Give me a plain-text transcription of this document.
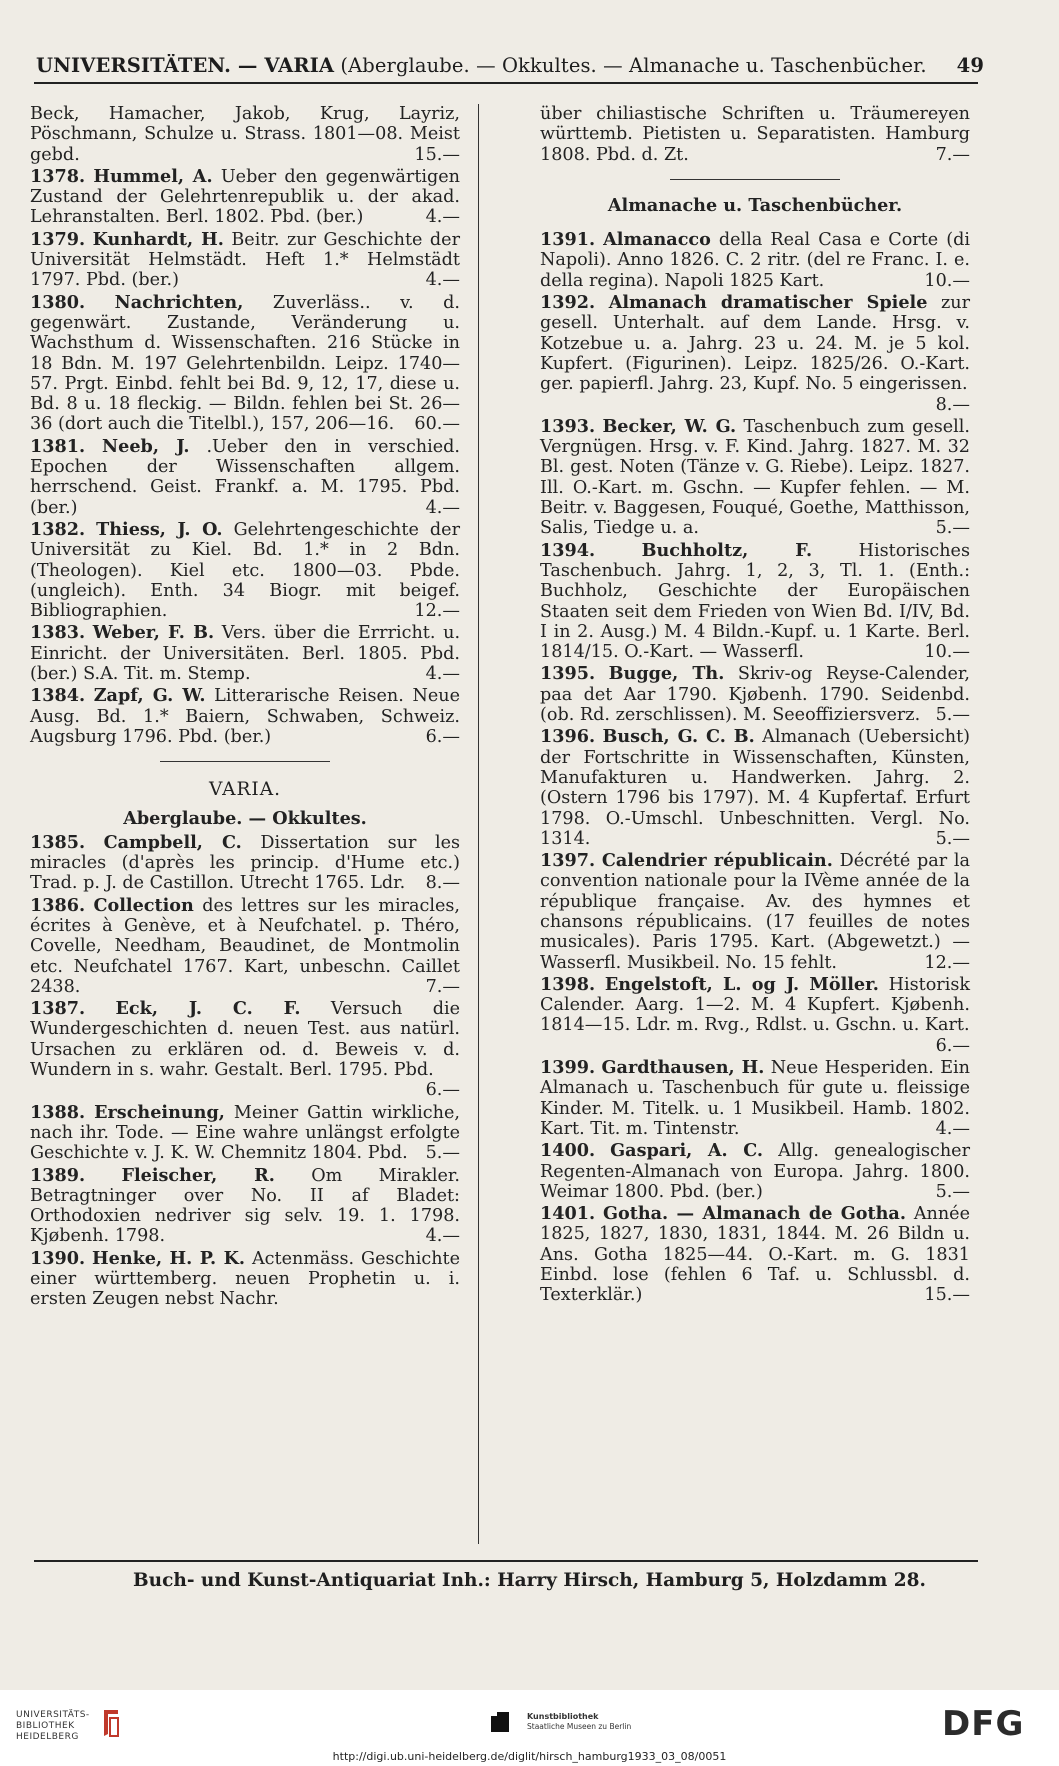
UNIVERSITÄTEN. — VARIA (Aberglaube. — Okkultes. — Almanache u. Taschenbücher. 49
Beck, Hamacher, Jakob, Krug, Layriz, Pöschmann, Schulze u. Strass. 1801—08. Meist gebd.	15.—
1378. Hummel, A. Ueber den gegenwärtigen Zustand der Gelehrtenrepublik u. der akad. Lehranstalten. Berl. 1802. Pbd. (ber.)	4.—
1379. Kunhardt, H. Beitr. zur Geschichte der Universität Helmstädt. Heft 1.* Helmstädt 1797. Pbd. (ber.)	4.—
1380. Nachrichten, Zuverläss.. v. d. gegenwärt. Zustande, Veränderung u. Wachsthum d. Wissenschaften. 216 Stücke in 18 Bdn. M. 197 Gelehrtenbildn. Leipz. 1740—57. Prgt. Einbd. fehlt bei Bd. 9, 12, 17, diese u. Bd. 8 u. 18 fleckig. — Bildn. fehlen bei St. 26—36 (dort auch die Titelbl.), 157, 206—16. 60.—
1381. Neeb, J. .Ueber den in verschied. Epochen der Wissenschaften allgem. herrschend. Geist. Frankf. a. M. 1795. Pbd. (ber.)	4.—
1382. Thiess, J. O. Gelehrtengeschichte der Universität zu Kiel. Bd. 1.* in 2 Bdn. (Theologen). Kiel etc. 1800—03. Pbde. (ungleich). Enth. 34 Biogr. mit beigef. Bibliographien.	12.—
1383. Weber, F. B. Vers. über die Errricht. u. Einricht. der Universitäten. Berl. 1805. Pbd. (ber.) S.A. Tit. m. Stemp.	4.—
1384. Zapf, G. W. Litterarische Reisen. Neue Ausg. Bd. 1.* Baiern, Schwaben, Schweiz. Augsburg 1796. Pbd. (ber.)	6.—
VARIA.
Aberglaube. — Okkultes.
1385. Campbell, C. Dissertation sur les miracles (d'après les princip. d'Hume etc.) Trad. p. J. de Castillon. Utrecht 1765. Ldr. 8.—
1386. Collection des lettres sur les miracles, écrites à Genève, et à Neufchatel. p. Théro, Covelle, Needham, Beaudinet, de Montmolin etc. Neufchatel 1767. Kart, unbeschn. Caillet 2438.	7.—
1387. Eck, J. C. F. Versuch die Wundergeschichten d. neuen Test. aus natürl. Ursachen zu erklären od. d. Beweis v. d. Wundern in s. wahr. Gestalt. Berl. 1795. Pbd.
6.—
1388. Erscheinung, Meiner Gattin wirkliche, nach ihr. Tode. — Eine wahre unlängst erfolgte Geschichte v. J. K. W. Chemnitz 1804. Pbd. 5.—
1389. Fleischer, R. Om Mirakler. Betragtninger over No. II af Bladet: Orthodoxien nedriver sig selv. 19. 1. 1798. Kjøbenh. 1798.	4.—
1390. Henke, H. P. K. Actenmäss. Geschichte einer württemberg. neuen Prophetin u. i. ersten Zeugen nebst Nachr.
über chiliastische Schriften u. Träumereyen württemb. Pietisten u. Separatisten. Hamburg 1808. Pbd. d. Zt.	7.—
Almanache u. Taschenbücher.
1391. Almanacco della Real Casa e Corte (di Napoli). Anno 1826. C. 2 ritr. (del re Franc. I. e. della regina). Napoli 1825 Kart.	10.—
1392. Almanach dramatischer Spiele zur gesell. Unterhalt. auf dem Lande. Hrsg. v. Kotzebue u. a. Jahrg. 23 u. 24. M. je 5 kol. Kupfert. (Figurinen). Leipz. 1825/26. O.-Kart. ger. papierfl. Jahrg. 23, Kupf. No. 5 eingerissen.
8.—
1393. Becker, W. G. Taschenbuch zum gesell. Vergnügen. Hrsg. v. F. Kind. Jahrg. 1827. M. 32 Bl. gest. Noten (Tänze v. G. Riebe). Leipz. 1827. Ill. O.-Kart. m. Gschn. — Kupfer fehlen. — M. Beitr. v. Baggesen, Fouqué, Goethe, Matthisson, Salis, Tiedge u. a.	5.—
1394.	Buchholtz, F.	Historisches Taschenbuch. Jahrg. 1, 2, 3, Tl. 1. (Enth.: Buchholz, Geschichte der Europäischen Staaten seit dem Frieden von Wien Bd. I/IV, Bd. I in 2. Ausg.) M. 4 Bildn.-Kupf. u. 1 Karte. Berl. 1814/15. O.-Kart. — Wasserfl.	10.—
1395. Bugge, Th. Skriv-og Reyse-Calender, paa det Aar 1790. Kjøbenh. 1790. Seidenbd. (ob. Rd. zerschlissen). M. Seeoffiziersverz. 5.—
1396. Busch, G. C. B. Almanach (Uebersicht) der Fortschritte in Wissenschaften, Künsten, Manufakturen u. Handwerken. Jahrg. 2. (Ostern 1796 bis 1797). M. 4 Kupfertaf. Erfurt 1798. O.-Umschl. Unbeschnitten. Vergl. No. 1314.	5.—
1397. Calendrier républicain. Décrété par la convention nationale pour la IVème année de la république française. Av. des hymnes et chansons républicains. (17 feuilles de notes musicales). Paris 1795. Kart. (Abgewetzt.) — Wasserfl. Musikbeil. No. 15 fehlt.	12.—
1398. Engelstoft, L. og J. Möller. Historisk Calender. Aarg. 1—2. M. 4 Kupfert. Kjøbenh. 1814—15. Ldr. m. Rvg., Rdlst. u. Gschn. u. Kart.
6.—
1399. Gardthausen, H. Neue Hesperiden. Ein Almanach u. Taschenbuch für gute u. fleissige Kinder. M. Titelk. u. 1 Musikbeil. Hamb. 1802. Kart. Tit. m. Tintenstr.	4.—
1400. Gaspari, A. C. Allg. genealogischer Regenten-Almanach von Europa. Jahrg. 1800. Weimar 1800. Pbd. (ber.)	5.—
1401. Gotha. — Almanach de Gotha. Année 1825, 1827, 1830, 1831, 1844. M. 26 Bildn u. Ans. Gotha 1825—44. O.-Kart. m. G. 1831 Einbd. lose (fehlen 6 Taf. u. Schlussbl. d. Texterklär.)	15.—
Buch- und Kunst-Antiquariat Inh.: Harry Hirsch, Hamburg 5, Holzdamm 28.
UNIVERSITÄTS-
BIBLIOTHEK
HEIDELBERG
Kunstbibliothek
Staatliche Museen zu Berlin	DFG
http://digi.ub.uni-heidelberg.de/diglit/hirsch_hamburg1933_03_08/0051
